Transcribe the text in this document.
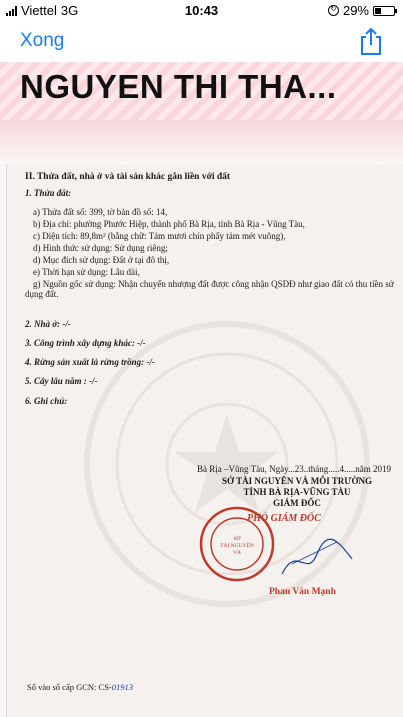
Viettel 3G	10:43	↻ 29%
Xong
NGUYEN THI THA...
II. Thửa đất, nhà ở và tài sản khác gắn liền với đất
1. Thửa đất:
a) Thửa đất số: 399, tờ bản đồ số: 14,
b) Địa chỉ: phường Phước Hiệp, thành phố Bà Rịa, tỉnh Bà Rịa - Vũng Tàu,
c) Diện tích: 89,8m² (bằng chữ: Tám mươi chín phẩy tám mét vuông),
d) Hình thức sử dụng: Sử dụng riêng;
d) Mục đích sử dụng: Đất ở tại đô thị,
e) Thời hạn sử dụng: Lâu dài,
g) Nguồn gốc sử dụng: Nhận chuyển nhượng đất được công nhận QSDĐ như giao đất có thu tiền sử dụng đất.
2. Nhà ở: -/-
3. Công trình xây dựng khác: -/-
4. Rừng sản xuất là rừng trồng: -/-
5. Cây lâu năm : -/-
6. Ghi chú:
Bà Rịa –Vũng Tàu, Ngày...23..tháng.....4.....năm 2019
SỞ TÀI NGUYÊN VÀ MÔI TRƯỜNG
TỈNH BÀ RỊA-VŨNG TÀU
GIÁM ĐỐC
PHÓ GIÁM ĐỐC
SỞ
TÀI NGUYÊN
VÀ
Phan Văn Mạnh
Số vào sổ cấp GCN: CS-01913
